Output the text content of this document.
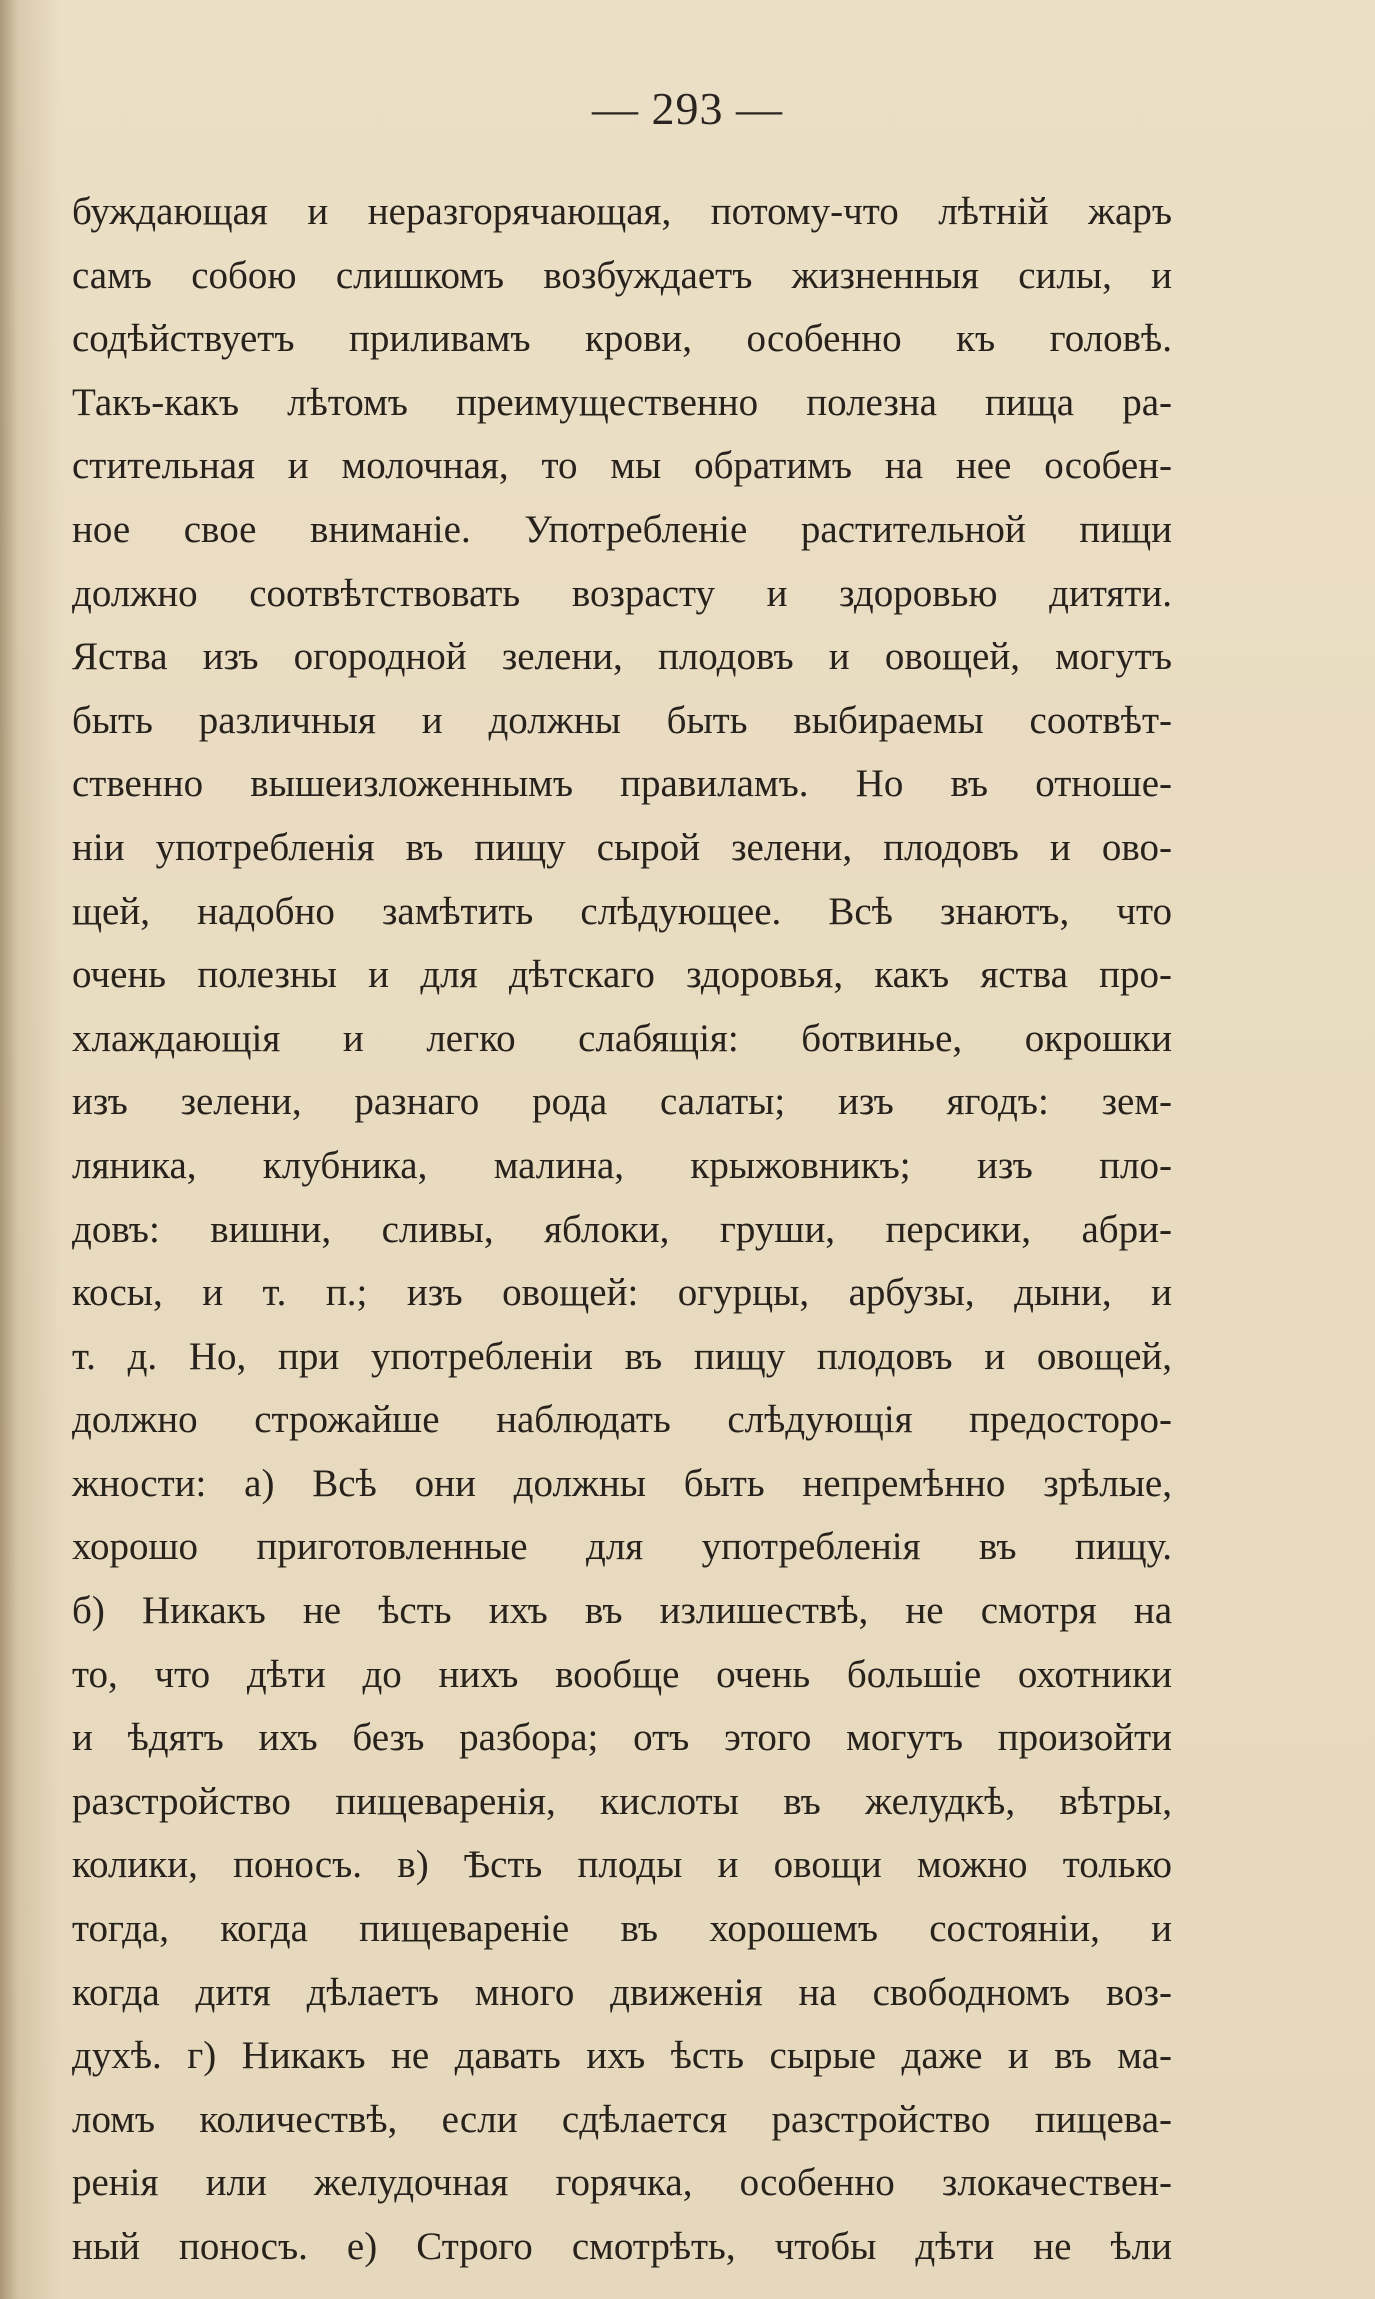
— 293 —
буждающая и неразгорячающая, потому-что лѣтній жаръ
самъ собою слишкомъ возбуждаетъ жизненныя силы, и
содѣйствуетъ приливамъ крови, особенно къ головѣ.
Такъ-какъ лѣтомъ преимущественно полезна пища ра-
стительная и молочная, то мы обратимъ на нее особен-
ное свое вниманіе. Употребленіе растительной пищи
должно соотвѣтствовать возрасту и здоровью дитяти.
Яства изъ огородной зелени, плодовъ и овощей, могутъ
быть различныя и должны быть выбираемы соотвѣт-
ственно вышеизложеннымъ правиламъ. Но въ отноше-
ніи употребленія въ пищу сырой зелени, плодовъ и ово-
щей, надобно замѣтить слѣдующее. Всѣ знаютъ, что
очень полезны и для дѣтскаго здоровья, какъ яства про-
хлаждающія и легко слабящія: ботвинье, окрошки
изъ зелени, разнаго рода салаты; изъ ягодъ: зем-
ляника, клубника, малина, крыжовникъ; изъ пло-
довъ: вишни, сливы, яблоки, груши, персики, абри-
косы, и т. п.; изъ овощей: огурцы, арбузы, дыни, и
т. д. Но, при употребленіи въ пищу плодовъ и овощей,
должно строжайше наблюдать слѣдующія предосторо-
жности: а) Всѣ они должны быть непремѣнно зрѣлые,
хорошо приготовленные для употребленія въ пищу.
б) Никакъ не ѣсть ихъ въ излишествѣ, не смотря на
то, что дѣти до нихъ вообще очень большіе охотники
и ѣдятъ ихъ безъ разбора; отъ этого могутъ произойти
разстройство пищеваренія, кислоты въ желудкѣ, вѣтры,
колики, поносъ. в) Ѣсть плоды и овощи можно только
тогда, когда пищевареніе въ хорошемъ состояніи, и
когда дитя дѣлаетъ много движенія на свободномъ воз-
духѣ. г) Никакъ не давать ихъ ѣсть сырые даже и въ ма-
ломъ количествѣ, если сдѣлается разстройство пищева-
ренія или желудочная горячка, особенно злокачествен-
ный поносъ. е) Строго смотрѣть, чтобы дѣти не ѣли
